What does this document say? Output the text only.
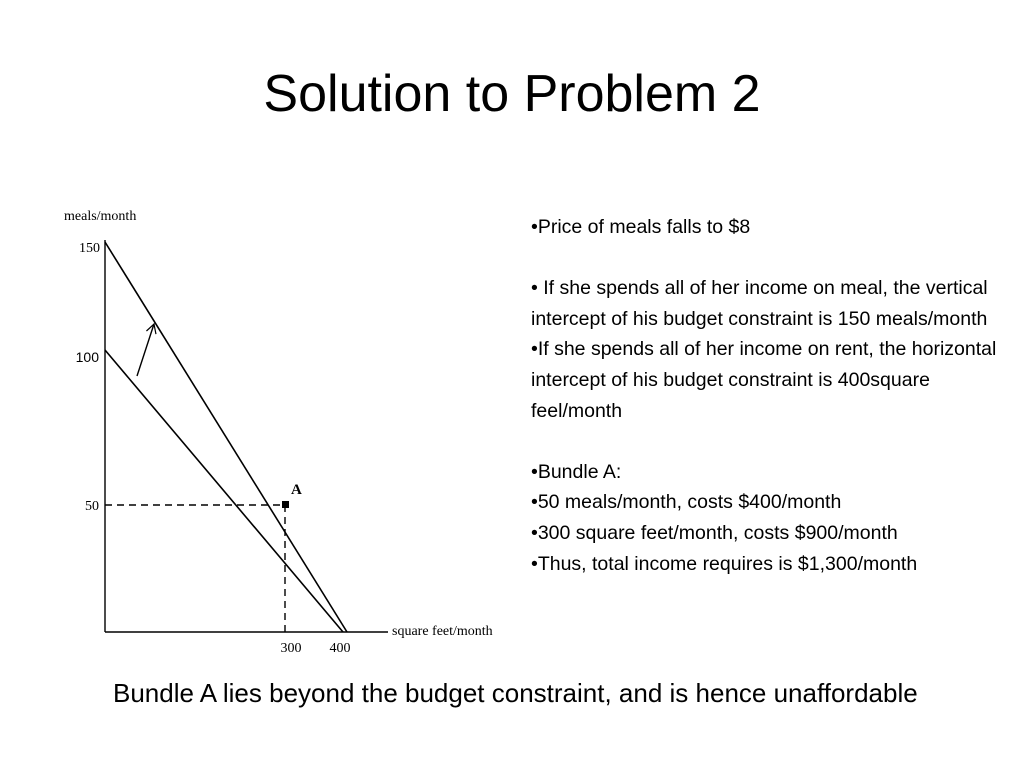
Solution to Problem 2
meals/month
square feet/month
150
100
50
300 400
A
•Price of meals falls to $8
• If she spends all of her income on meal, the vertical intercept of his budget constraint is 150 meals/month
•If she spends all of her income on rent, the horizontal intercept of his budget constraint is 400square feel/month
•Bundle A:
•50 meals/month, costs $400/month
•300 square feet/month, costs $900/month
•Thus, total income requires is $1,300/month
Bundle A lies beyond the budget constraint, and is hence unaffordable
